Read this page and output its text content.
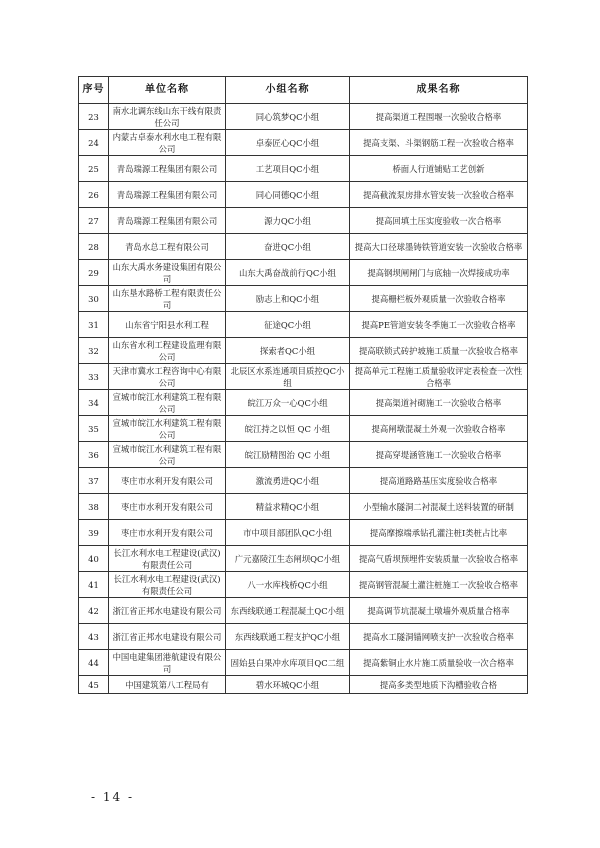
序号	单位名称	小组名称	成果名称
23	南水北调东线山东干线有限责任公司	同心筑梦QC小组	提高渠道工程围堰一次验收合格率
24	内蒙古卓泰水利水电工程有限公司	卓泰匠心QC小组	提高支渠、斗渠钢筋工程一次验收合格率
25	青岛瑞源工程集团有限公司	工艺项目QC小组	桥面人行道铺贴工艺创新
26	青岛瑞源工程集团有限公司	同心同德QC小组	提高截流泵房排水管安装一次验收合格率
27	青岛瑞源工程集团有限公司	源力QC小组	提高回填土压实度验收一次合格率
28	青岛水总工程有限公司	奋进QC小组	提高大口径球墨铸铁管道安装一次验收合格率
29	山东大禹水务建设集团有限公司	山东大禹奋战前行QC小组	提高钢坝闸闸门与底轴一次焊接成功率
30	山东垦水路桥工程有限责任公司	励志上和QC小组	提高栅栏板外观质量一次验收合格率
31	山东省宁阳县水利工程	征途QC小组	提高PE管道安装冬季施工一次验收合格率
32	山东省水利工程建设监理有限公司	探索者QC小组	提高联锁式砖护坡施工质量一次验收合格率
33	天津市冀水工程咨询中心有限公司	北辰区水系连通项目质控QC小组	提高单元工程施工质量验收评定表检查一次性合格率
34	宣城市皖江水利建筑工程有限公司	皖江万众一心QC小组	提高渠道衬砌施工一次验收合格率
35	宣城市皖江水利建筑工程有限公司	皖江持之以恒 QC 小组	提高闸墩混凝土外观一次验收合格率
36	宣城市皖江水利建筑工程有限公司	皖江励精图治 QC 小组	提高穿堤涵管施工一次验收合格率
37	枣庄市水利开发有限公司	激流勇进QC小组	提高道路路基压实度验收合格率
38	枣庄市水利开发有限公司	精益求精QC小组	小型输水隧洞二衬混凝土送料装置的研制
39	枣庄市水利开发有限公司	市中项目部团队QC小组	提高摩擦端承钻孔灌注桩Ⅰ类桩占比率
40	长江水利水电工程建设(武汉)有限责任公司	广元嘉陵江生态闸坝QC小组	提高气盾坝预埋件安装质量一次验收合格率
41	长江水利水电工程建设(武汉)有限责任公司	八一水库栈桥QC小组	提高钢管混凝土灌注桩施工一次验收合格率
42	浙江省正邦水电建设有限公司	东西线联通工程混凝土QC小组	提高调节坑混凝土墩墙外观质量合格率
43	浙江省正邦水电建设有限公司	东西线联通工程支护QC小组	提高水工隧洞锚网喷支护一次验收合格率
44	中国电建集团港航建设有限公司	固始县白果冲水库项目QC二组	提高紫铜止水片施工质量验收一次合格率
45	中国建筑第八工程局有	碧水环城QC小组	提高多类型地质下沟槽验收合格
- 14 -
